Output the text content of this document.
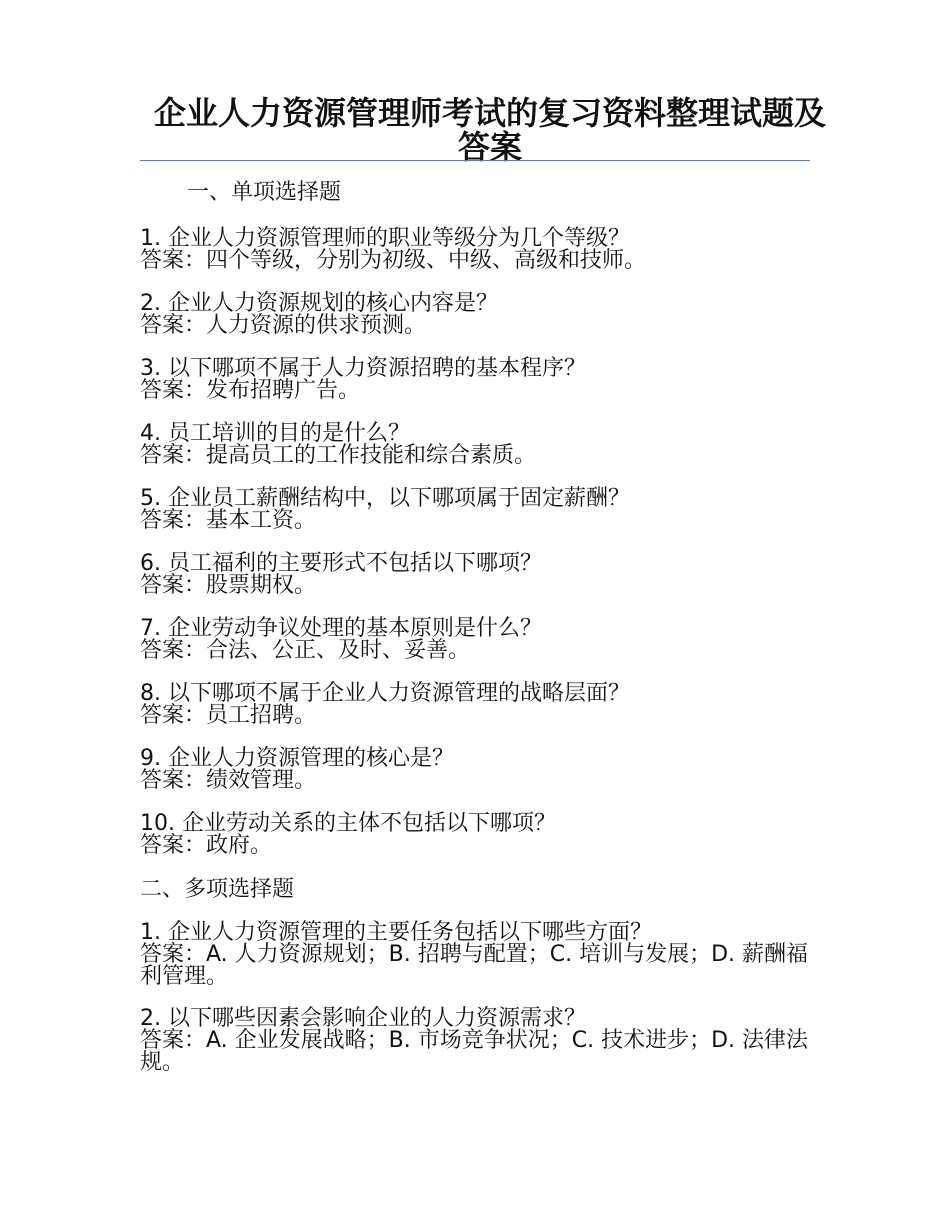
企业人力资源管理师考试的复习资料整理试题及答案
一、单项选择题
1. 企业人力资源管理师的职业等级分为几个等级？
答案：四个等级，分别为初级、中级、高级和技师。
2. 企业人力资源规划的核心内容是？
答案：人力资源的供求预测。
3. 以下哪项不属于人力资源招聘的基本程序？
答案：发布招聘广告。
4. 员工培训的目的是什么？
答案：提高员工的工作技能和综合素质。
5. 企业员工薪酬结构中，以下哪项属于固定薪酬？
答案：基本工资。
6. 员工福利的主要形式不包括以下哪项？
答案：股票期权。
7. 企业劳动争议处理的基本原则是什么？
答案：合法、公正、及时、妥善。
8. 以下哪项不属于企业人力资源管理的战略层面？
答案：员工招聘。
9. 企业人力资源管理的核心是？
答案：绩效管理。
10. 企业劳动关系的主体不包括以下哪项？
答案：政府。
二、多项选择题
1. 企业人力资源管理的主要任务包括以下哪些方面？
答案：A. 人力资源规划；B. 招聘与配置；C. 培训与发展；D. 薪酬福利管理。
2. 以下哪些因素会影响企业的人力资源需求？
答案：A. 企业发展战略；B. 市场竞争状况；C. 技术进步；D. 法律法规。
